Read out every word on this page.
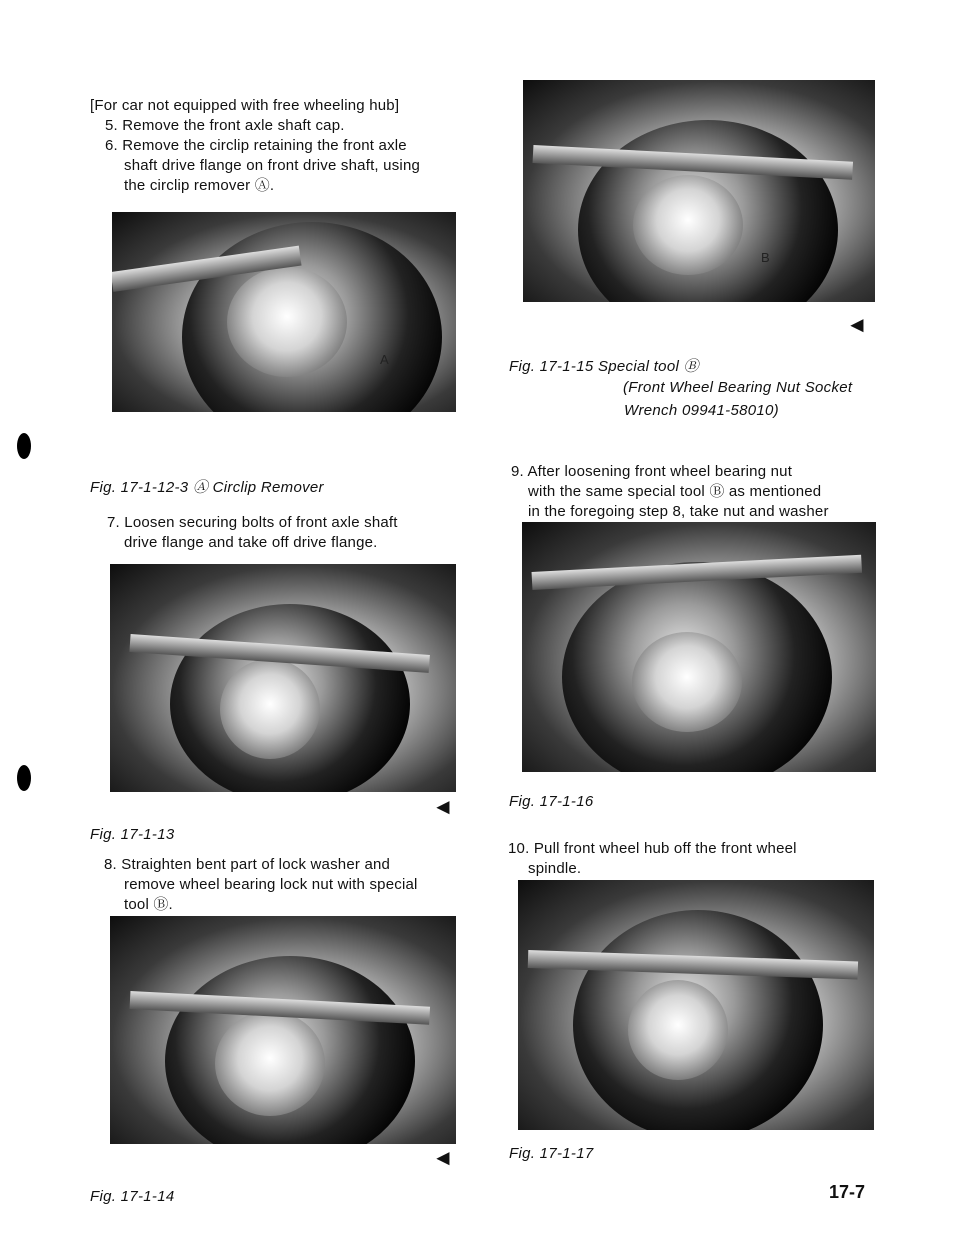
[For car not equipped with free wheeling hub]
5. Remove the front axle shaft cap.
6. Remove the circlip retaining the front axle
shaft drive flange on front drive shaft, using
the circlip remover Ⓐ.
A
Fig. 17-1-12-3 Ⓐ Circlip Remover
7. Loosen securing bolts of front axle shaft
drive flange and take off drive flange.
◄
Fig. 17-1-13
8. Straighten bent part of lock washer and
remove wheel bearing lock nut with special
tool Ⓑ.
◄
Fig. 17-1-14
B
◄
Fig. 17-1-15 Special tool Ⓑ
(Front Wheel Bearing Nut Socket
Wrench 09941-58010)
9. After loosening front wheel bearing nut
with the same special tool Ⓑ as mentioned
in the foregoing step 8, take nut and washer
Fig. 17-1-16
10. Pull front wheel hub off the front wheel
spindle.
Fig. 17-1-17
17-7
